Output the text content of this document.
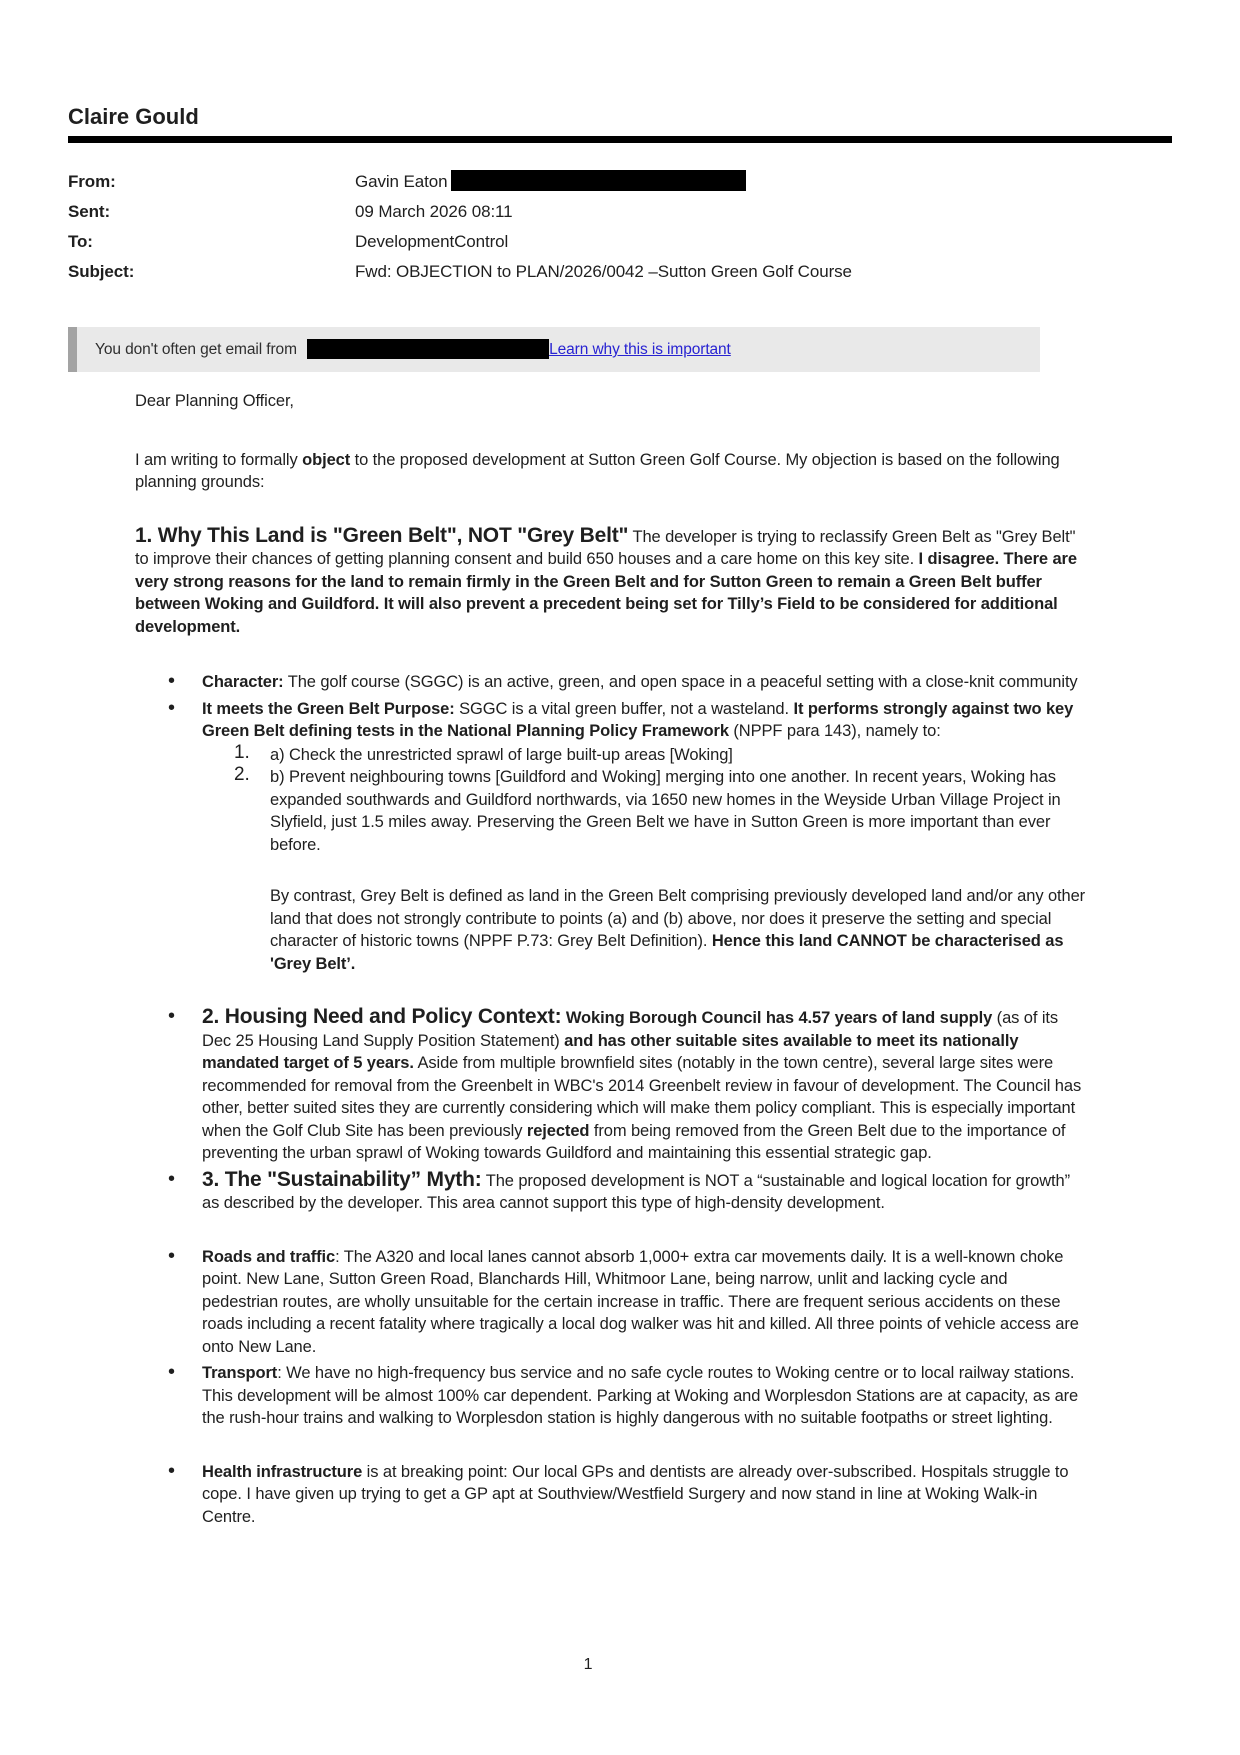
Claire Gould
From:	Gavin Eaton
Sent:	09 March 2026 08:11
To:	DevelopmentControl
Subject:	Fwd: OBJECTION to PLAN/2026/0042 –Sutton Green Golf Course
You don't often get email from	Learn why this is important

Dear Planning Officer,

I am writing to formally object to the proposed development at Sutton Green Golf Course. My objection is based on the following planning grounds:

1. Why This Land is "Green Belt", NOT "Grey Belt" The developer is trying to reclassify Green Belt as "Grey Belt" to improve their chances of getting planning consent and build 650 houses and a care home on this key site. I disagree. There are very strong reasons for the land to remain firmly in the Green Belt and for Sutton Green to remain a Green Belt buffer between Woking and Guildford. It will also prevent a precedent being set for Tilly’s Field to be considered for additional development.

• Character: The golf course (SGGC) is an active, green, and open space in a peaceful setting with a close-knit community
• It meets the Green Belt Purpose: SGGC is a vital green buffer, not a wasteland. It performs strongly against two key Green Belt defining tests in the National Planning Policy Framework (NPPF para 143), namely to:
a) Check the unrestricted sprawl of large built-up areas [Woking]
b) Prevent neighbouring towns [Guildford and Woking] merging into one another. In recent years, Woking has expanded southwards and Guildford northwards, via 1650 new homes in the Weyside Urban Village Project in Slyfield, just 1.5 miles away. Preserving the Green Belt we have in Sutton Green is more important than ever before.

By contrast, Grey Belt is defined as land in the Green Belt comprising previously developed land and/or any other land that does not strongly contribute to points (a) and (b) above, nor does it preserve the setting and special character of historic towns (NPPF P.73: Grey Belt Definition). Hence this land CANNOT be characterised as 'Grey Belt’.

• 2. Housing Need and Policy Context: Woking Borough Council has 4.57 years of land supply (as of its Dec 25 Housing Land Supply Position Statement) and has other suitable sites available to meet its nationally mandated target of 5 years. Aside from multiple brownfield sites (notably in the town centre), several large sites were recommended for removal from the Greenbelt in WBC's 2014 Greenbelt review in favour of development. The Council has other, better suited sites they are currently considering which will make them policy compliant. This is especially important when the Golf Club Site has been previously rejected from being removed from the Green Belt due to the importance of preventing the urban sprawl of Woking towards Guildford and maintaining this essential strategic gap.
• 3. The "Sustainability” Myth: The proposed development is NOT a “sustainable and logical location for growth” as described by the developer. This area cannot support this type of high-density development.
• Roads and traffic: The A320 and local lanes cannot absorb 1,000+ extra car movements daily. It is a well-known choke point. New Lane, Sutton Green Road, Blanchards Hill, Whitmoor Lane, being narrow, unlit and lacking cycle and pedestrian routes, are wholly unsuitable for the certain increase in traffic. There are frequent serious accidents on these roads including a recent fatality where tragically a local dog walker was hit and killed. All three points of vehicle access are onto New Lane.
• Transport: We have no high-frequency bus service and no safe cycle routes to Woking centre or to local railway stations. This development will be almost 100% car dependent. Parking at Woking and Worplesdon Stations are at capacity, as are the rush-hour trains and walking to Worplesdon station is highly dangerous with no suitable footpaths or street lighting.
• Health infrastructure is at breaking point: Our local GPs and dentists are already over-subscribed. Hospitals struggle to cope. I have given up trying to get a GP apt at Southview/Westfield Surgery and now stand in line at Woking Walk-in Centre.
1
